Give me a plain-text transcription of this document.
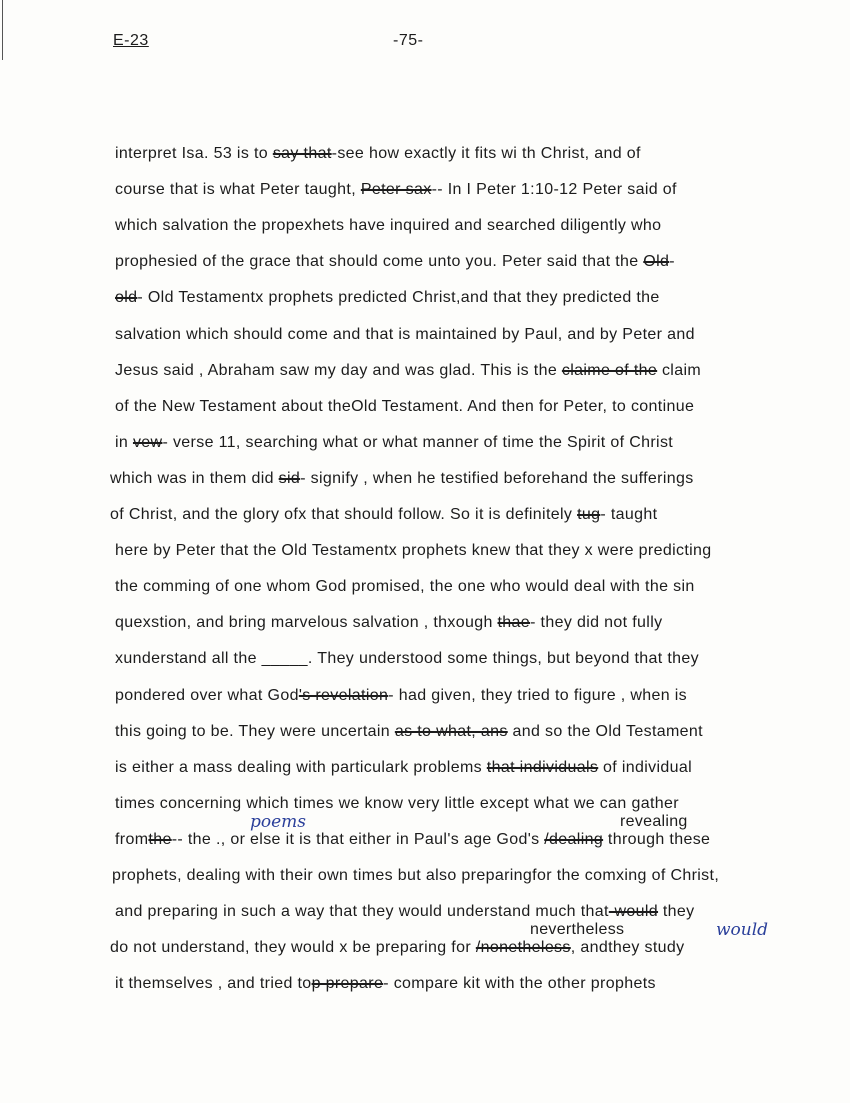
E-23	-75-
interpret Isa. 53 is to say that-see how exactly it fits wi th Christ, and of
course that is what Peter taught, Peter sax-- In I Peter 1:10-12 Peter said of
which salvation the propexhets have inquired and searched diligently who
prophesied of the grace that should come unto you. Peter said that the Old-
old- Old Testamentx prophets predicted Christ,and that they predicted the
salvation which should come and that is maintained by Paul, and by Peter and
Jesus said , Abraham saw my day and was glad. This is the claime of the claim
of the New Testament about theOld Testament. And then for Peter, to continue
in vew- verse 11, searching what or what manner of time the Spirit of Christ
which was in them did sid- signify , when he testified beforehand the sufferings
of Christ, and the glory ofx that should follow. So it is definitely tug- taught
here by Peter that the Old Testamentx prophets knew that they x were predicting
the comming of one whom God promised, the one who would deal with the sin
quexstion, and bring marvelous salvation , thxough thae- they did not fully
xunderstand all the _____. They understood some things, but beyond that they
pondered over what God's revelation- had given, they tried to figure , when is
this going to be. They were uncertain as to what, ans and so the Old Testament
is either a mass dealing with particulark problems that individuals of individual
times concerning which times we know very little except what we can gather
fromthe-- the ., or else it is that either in Paul's age God's /dealing through these
prophets, dealing with their own times but also preparingfor the comxing of Christ,
and preparing in such a way that they would understand much that-would they
do not understand, they would x be preparing for /nonetheless, andthey study
it themselves , and tried top prepare- compare kit with the other prophets
revealing
nevertheless
poems
would
